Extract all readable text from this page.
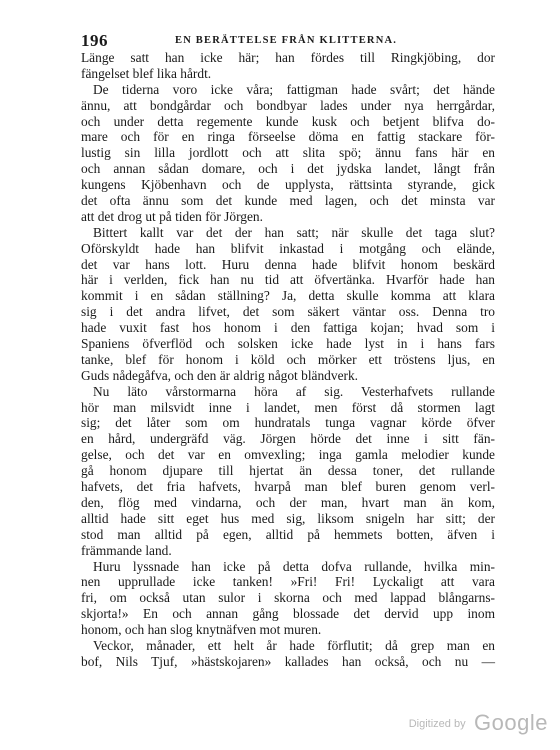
196	EN BERÄTTELSE FRÅN KLITTERNA.
Länge satt han icke här; han fördes till Ringkjöbing, dor
fängelset blef lika hårdt.
De tiderna voro icke våra; fattigman hade svårt; det hände
ännu, att bondgårdar och bondbyar lades under nya herrgårdar,
och under detta regemente kunde kusk och betjent blifva do-
mare och för en ringa förseelse döma en fattig stackare för-
lustig sin lilla jordlott och att slita spö; ännu fans här en
och annan sådan domare, och i det jydska landet, långt från
kungens Kjöbenhavn och de upplysta, rättsinta styrande, gick
det ofta ännu som det kunde med lagen, och det minsta var
att det drog ut på tiden för Jörgen.
Bittert kallt var det der han satt; när skulle det taga slut?
Oförskyldt hade han blifvit inkastad i motgång och elände,
det var hans lott. Huru denna hade blifvit honom beskärd
här i verlden, fick han nu tid att öfvertänka. Hvarför hade han
kommit i en sådan ställning? Ja, detta skulle komma att klara
sig i det andra lifvet, det som säkert väntar oss. Denna tro
hade vuxit fast hos honom i den fattiga kojan; hvad som i
Spaniens öfverflöd och solsken icke hade lyst in i hans fars
tanke, blef för honom i köld och mörker ett tröstens ljus, en
Guds nådegåfva, och den är aldrig något bländverk.
Nu läto vårstormarna höra af sig. Vesterhafvets rullande
hör man milsvidt inne i landet, men först då stormen lagt
sig; det låter som om hundratals tunga vagnar körde öfver
en hård, undergräfd väg. Jörgen hörde det inne i sitt fän-
gelse, och det var en omvexling; inga gamla melodier kunde
gå honom djupare till hjertat än dessa toner, det rullande
hafvets, det fria hafvets, hvarpå man blef buren genom verl-
den, flög med vindarna, och der man, hvart man än kom,
alltid hade sitt eget hus med sig, liksom snigeln har sitt; der
stod man alltid på egen, alltid på hemmets botten, äfven i
främmande land.
Huru lyssnade han icke på detta dofva rullande, hvilka min-
nen upprullade icke tanken! »Fri! Fri! Lyckaligt att vara
fri, om också utan sulor i skorna och med lappad blångarns-
skjorta!» En och annan gång blossade det dervid upp inom
honom, och han slog knytnäfven mot muren.
Veckor, månader, ett helt år hade förflutit; då grep man en
bof, Nils Tjuf, »hästskojaren» kallades han också, och nu —
Digitized by Google
